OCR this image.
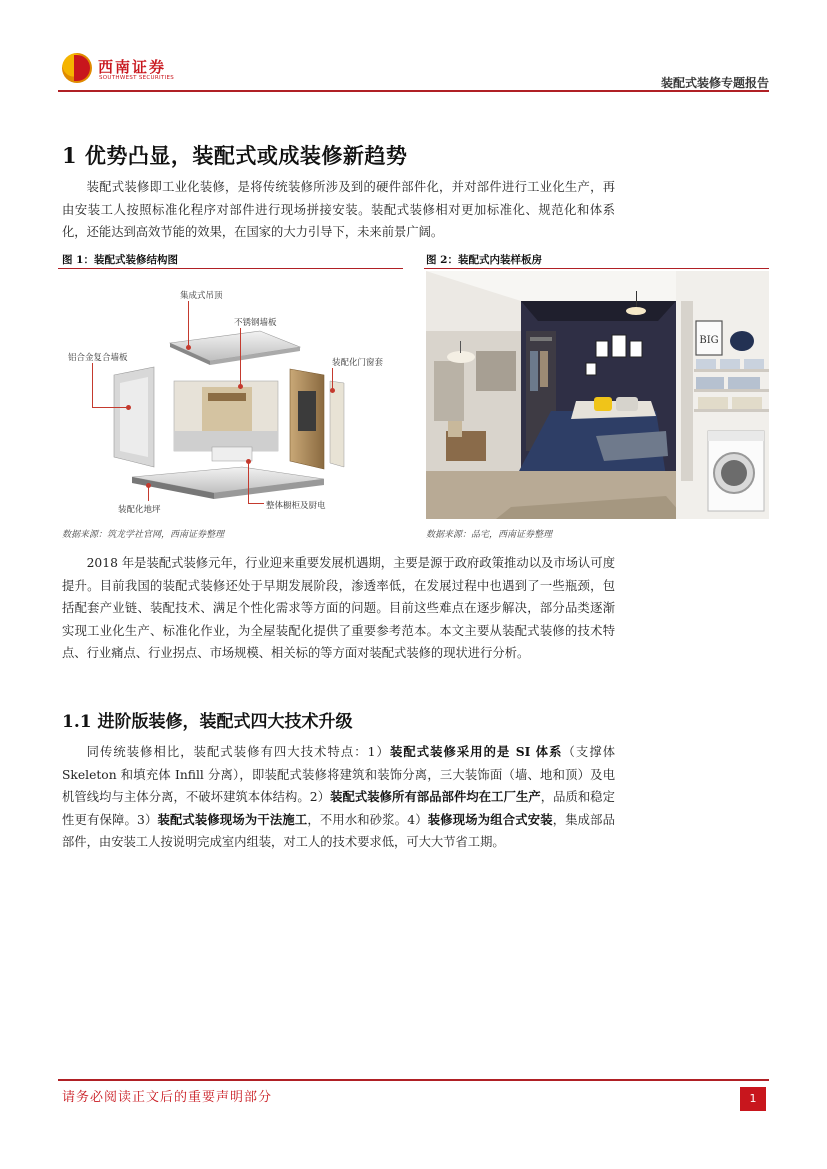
西南证券
SOUTHWEST SECURITIES	装配式装修专题报告
1 优势凸显，装配式或成装修新趋势

装配式装修即工业化装修，是将传统装修所涉及到的硬件部件化，并对部件进行工业化生产，再由安装工人按照标准化程序对部件进行现场拼接安装。装配式装修相对更加标准化、规范化和体系化，还能达到高效节能的效果，在国家的大力引导下，未来前景广阔。

图 1：装配式装修结构图
集成式吊顶
不锈钢墙板
铝合金复合墙板	装配化门窗套
装配化地坪	整体橱柜及厨电
数据来源：筑龙学社官网，西南证券整理
图 2：装配式内装样板房
BIG
数据来源：品宅，西南证券整理

2018 年是装配式装修元年，行业迎来重要发展机遇期，主要是源于政府政策推动以及市场认可度提升。目前我国的装配式装修还处于早期发展阶段，渗透率低，在发展过程中也遇到了一些瓶颈，包括配套产业链、装配技术、满足个性化需求等方面的问题。目前这些难点在逐步解决，部分品类逐渐实现工业化生产、标准化作业，为全屋装配化提供了重要参考范本。本文主要从装配式装修的技术特点、行业痛点、行业拐点、市场规模、相关标的等方面对装配式装修的现状进行分析。

1.1 进阶版装修，装配式四大技术升级

同传统装修相比，装配式装修有四大技术特点：1）装配式装修采用的是 SI 体系（支撑体 Skeleton 和填充体 Infill 分离），即装配式装修将建筑和装饰分离，三大装饰面（墙、地和顶）及电机管线均与主体分离，不破坏建筑本体结构。2）装配式装修所有部品部件均在工厂生产，品质和稳定性更有保障。3）装配式装修现场为干法施工，不用水和砂浆。4）装修现场为组合式安装，集成部品部件，由安装工人按说明完成室内组装，对工人的技术要求低，可大大节省工期。

请务必阅读正文后的重要声明部分	1
